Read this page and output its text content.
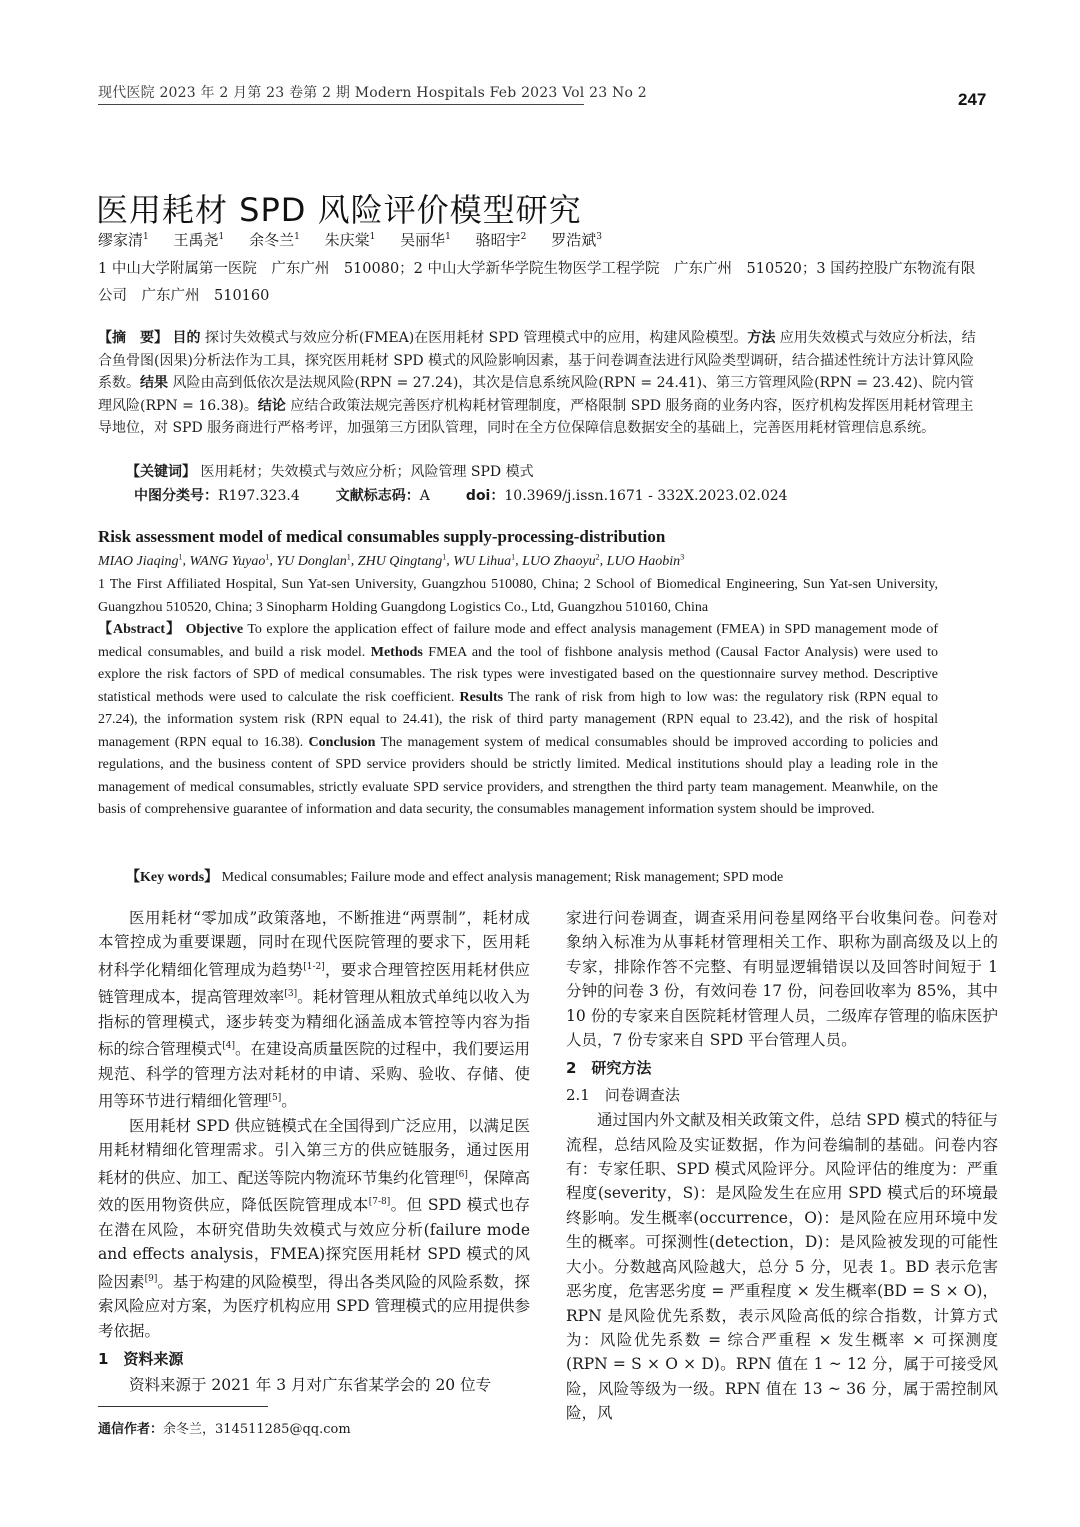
现代医院 2023 年 2 月第 23 卷第 2 期 Modern Hospitals Feb 2023 Vol 23 No 2	247
医用耗材 SPD 风险评价模型研究
缪家清$^1$ 王禹尧$^1$ 余冬兰$^1$ 朱庆棠$^1$ 吴丽华$^1$ 骆昭宇$^2$ 罗浩斌$^3$
1 中山大学附属第一医院　广东广州　510080；2 中山大学新华学院生物医学工程学院　广东广州　510520；3 国药控股广东物流有限公司　广东广州　510160
【摘　要】 目的 探讨失效模式与效应分析(FMEA)在医用耗材 SPD 管理模式中的应用，构建风险模型。方法 应用失效模式与效应分析法，结合鱼骨图(因果)分析法作为工具，探究医用耗材 SPD 模式的风险影响因素，基于问卷调查法进行风险类型调研，结合描述性统计方法计算风险系数。结果 风险由高到低依次是法规风险(RPN = 27.24)，其次是信息系统风险(RPN = 24.41)、第三方管理风险(RPN = 23.42)、院内管理风险(RPN = 16.38)。结论 应结合政策法规完善医疗机构耗材管理制度，严格限制 SPD 服务商的业务内容，医疗机构发挥医用耗材管理主导地位，对 SPD 服务商进行严格考评，加强第三方团队管理，同时在全方位保障信息数据安全的基础上，完善医用耗材管理信息系统。
【关键词】 医用耗材；失效模式与效应分析；风险管理 SPD 模式
中图分类号：R197.323.4	文献标志码：A	doi：10.3969/j.issn.1671 - 332X.2023.02.024
Risk assessment model of medical consumables supply-processing-distribution
MIAO Jiaqing$^1$, WANG Yuyao$^1$, YU Donglan$^1$, ZHU Qingtang$^1$, WU Lihua$^1$, LUO Zhaoyu$^2$, LUO Haobin$^3$
1 The First Affiliated Hospital, Sun Yat-sen University, Guangzhou 510080, China; 2 School of Biomedical Engineering, Sun Yat-sen University, Guangzhou 510520, China; 3 Sinopharm Holding Guangdong Logistics Co., Ltd, Guangzhou 510160, China
【Abstract】 Objective To explore the application effect of failure mode and effect analysis management (FMEA) in SPD management mode of medical consumables, and build a risk model. Methods FMEA and the tool of fishbone analysis method (Causal Factor Analysis) were used to explore the risk factors of SPD of medical consumables. The risk types were investigated based on the questionnaire survey method. Descriptive statistical methods were used to calculate the risk coefficient. Results The rank of risk from high to low was: the regulatory risk (RPN equal to 27.24), the information system risk (RPN equal to 24.41), the risk of third party management (RPN equal to 23.42), and the risk of hospital management (RPN equal to 16.38). Conclusion The management system of medical consumables should be improved according to policies and regulations, and the business content of SPD service providers should be strictly limited. Medical institutions should play a leading role in the management of medical consumables, strictly evaluate SPD service providers, and strengthen the third party team management. Meanwhile, on the basis of comprehensive guarantee of information and data security, the consumables management information system should be improved.
【Key words】 Medical consumables; Failure mode and effect analysis management; Risk management; SPD mode

医用耗材“零加成”政策落地，不断推进“两票制”，耗材成本管控成为重要课题，同时在现代医院管理的要求下，医用耗材科学化精细化管理成为趋势[1-2]，要求合理管控医用耗材供应链管理成本，提高管理效率[3]。耗材管理从粗放式单纯以收入为指标的管理模式，逐步转变为精细化涵盖成本管控等内容为指标的综合管理模式[4]。在建设高质量医院的过程中，我们要运用规范、科学的管理方法对耗材的申请、采购、验收、存储、使用等环节进行精细化管理[5]。

医用耗材 SPD 供应链模式在全国得到广泛应用，以满足医用耗材精细化管理需求。引入第三方的供应链服务，通过医用耗材的供应、加工、配送等院内物流环节集约化管理[6]，保障高效的医用物资供应，降低医院管理成本[7-8]。但 SPD 模式也存在潜在风险，本研究借助失效模式与效应分析(failure mode and effects analysis，FMEA)探究医用耗材 SPD 模式的风险因素[9]。基于构建的风险模型，得出各类风险的风险系数，探索风险应对方案，为医疗机构应用 SPD 管理模式的应用提供参考依据。

1　资料来源

资料来源于 2021 年 3 月对广东省某学会的 20 位专

家进行问卷调查，调查采用问卷星网络平台收集问卷。问卷对象纳入标准为从事耗材管理相关工作、职称为副高级及以上的专家，排除作答不完整、有明显逻辑错误以及回答时间短于 1 分钟的问卷 3 份，有效问卷 17 份，问卷回收率为 85%，其中 10 份的专家来自医院耗材管理人员，二级库存管理的临床医护人员，7 份专家来自 SPD 平台管理人员。

2　研究方法

2.1　问卷调查法

通过国内外文献及相关政策文件，总结 SPD 模式的特征与流程，总结风险及实证数据，作为问卷编制的基础。问卷内容有：专家任职、SPD 模式风险评分。风险评估的维度为：严重程度(severity，S)：是风险发生在应用 SPD 模式后的环境最终影响。发生概率(occurrence，O)：是风险在应用环境中发生的概率。可探测性(detection，D)：是风险被发现的可能性大小。分数越高风险越大，总分 5 分，见表 1。BD 表示危害恶劣度，危害恶劣度 = 严重程度 × 发生概率(BD = S × O)，RPN 是风险优先系数，表示风险高低的综合指数，计算方式为：风险优先系数 = 综合严重程 × 发生概率 × 可探测度(RPN = S × O × D)。RPN 值在 1 ~ 12 分，属于可接受风险，风险等级为一级。RPN 值在 13 ~ 36 分，属于需控制风险，风

通信作者：余冬兰，314511285@qq.com
